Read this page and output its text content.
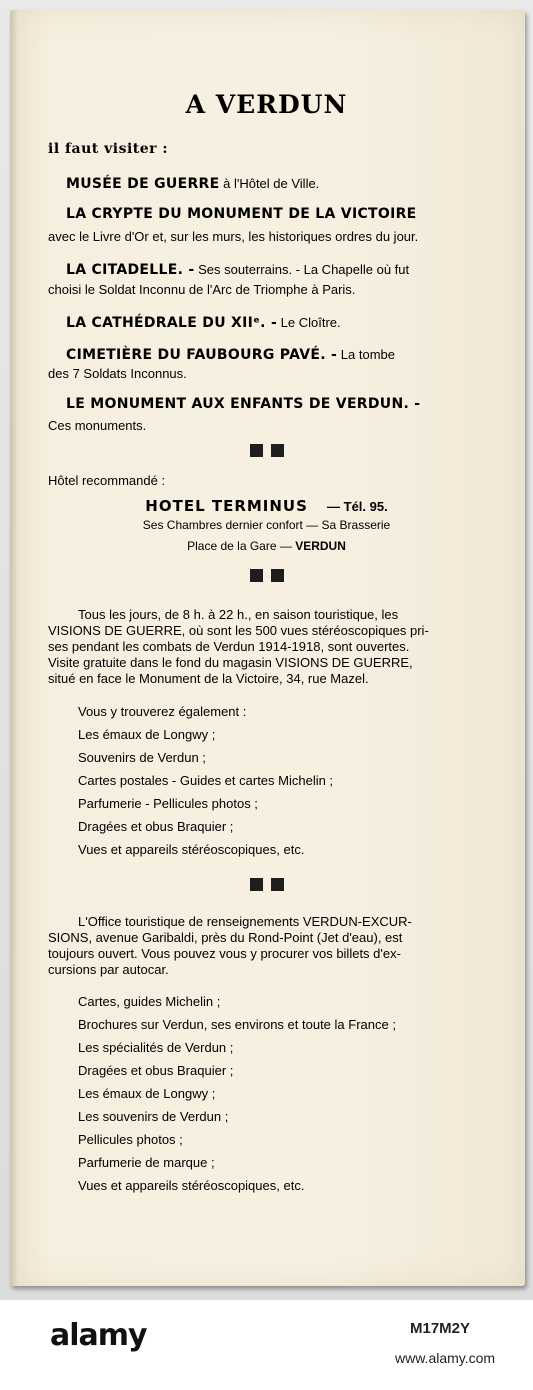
A VERDUN
il faut visiter :
MUSÉE DE GUERRE à l'Hôtel de Ville.
LA CRYPTE DU MONUMENT DE LA VICTOIRE
avec le Livre d'Or et, sur les murs, les historiques ordres du jour.
LA CITADELLE. - Ses souterrains. - La Chapelle où fut
choisi le Soldat Inconnu de l'Arc de Triomphe à Paris.
LA CATHÉDRALE DU XIIᵉ. - Le Cloître.
CIMETIÈRE DU FAUBOURG PAVÉ. - La tombe
des 7 Soldats Inconnus.
LE MONUMENT AUX ENFANTS DE VERDUN. -
Ces monuments.
Hôtel recommandé :
HOTEL TERMINUS — Tél. 95.
Ses Chambres dernier confort — Sa Brasserie
Place de la Gare — VERDUN
Tous les jours, de 8 h. à 22 h., en saison touristique, les
VISIONS DE GUERRE, où sont les 500 vues stéréoscopiques pri-
ses pendant les combats de Verdun 1914-1918, sont ouvertes.
Visite gratuite dans le fond du magasin VISIONS DE GUERRE,
situé en face le Monument de la Victoire, 34, rue Mazel.
Vous y trouverez également :
Les émaux de Longwy ;
Souvenirs de Verdun ;
Cartes postales - Guides et cartes Michelin ;
Parfumerie - Pellicules photos ;
Dragées et obus Braquier ;
Vues et appareils stéréoscopiques, etc.
L'Office touristique de renseignements VERDUN-EXCUR-
SIONS, avenue Garibaldi, près du Rond-Point (Jet d'eau), est
toujours ouvert. Vous pouvez vous y procurer vos billets d'ex-
cursions par autocar.
Cartes, guides Michelin ;
Brochures sur Verdun, ses environs et toute la France ;
Les spécialités de Verdun ;
Dragées et obus Braquier ;
Les émaux de Longwy ;
Les souvenirs de Verdun ;
Pellicules photos ;
Parfumerie de marque ;
Vues et appareils stéréoscopiques, etc.
alamy	M17M2Y
www.alamy.com
